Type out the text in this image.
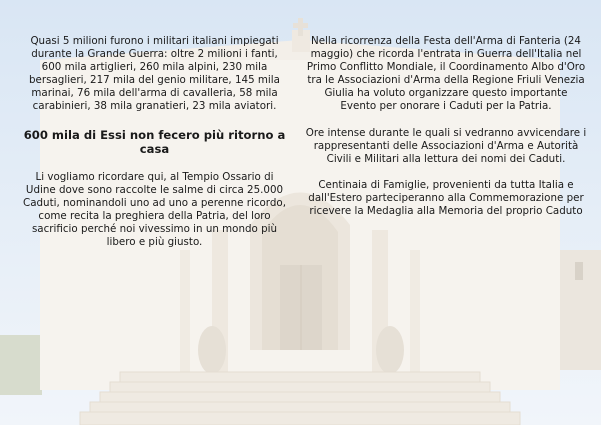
Quasi 5 milioni furono i militari italiani impiegati durante la Grande Guerra: oltre 2 milioni i fanti, 600 mila artiglieri, 260 mila alpini, 230 mila bersaglieri, 217 mila del genio militare, 145 mila marinai, 76 mila dell'arma di cavalleria, 58 mila carabinieri, 38 mila granatieri, 23 mila aviatori.

600 mila di Essi non fecero più ritorno a casa

Li vogliamo ricordare qui, al Tempio Ossario di Udine dove sono raccolte le salme di circa 25.000 Caduti, nominandoli uno ad uno a perenne ricordo, come recita la preghiera della Patria, del loro sacrificio perché noi vivessimo in un mondo più libero e più giusto.

Nella ricorrenza della Festa dell'Arma di Fanteria (24 maggio) che ricorda l'entrata in Guerra dell'Italia nel Primo Conflitto Mondiale, il Coordinamento Albo d'Oro tra le Associazioni d'Arma della Regione Friuli Venezia Giulia ha voluto organizzare questo importante Evento per onorare i Caduti per la Patria.

Ore intense durante le quali si vedranno avvicendare i rappresentanti delle Associazioni d'Arma e Autorità Civili e Militari alla lettura dei nomi dei Caduti.

Centinaia di Famiglie, provenienti da tutta Italia e dall'Estero parteciperanno alla Commemorazione per ricevere la Medaglia alla Memoria del proprio Caduto
